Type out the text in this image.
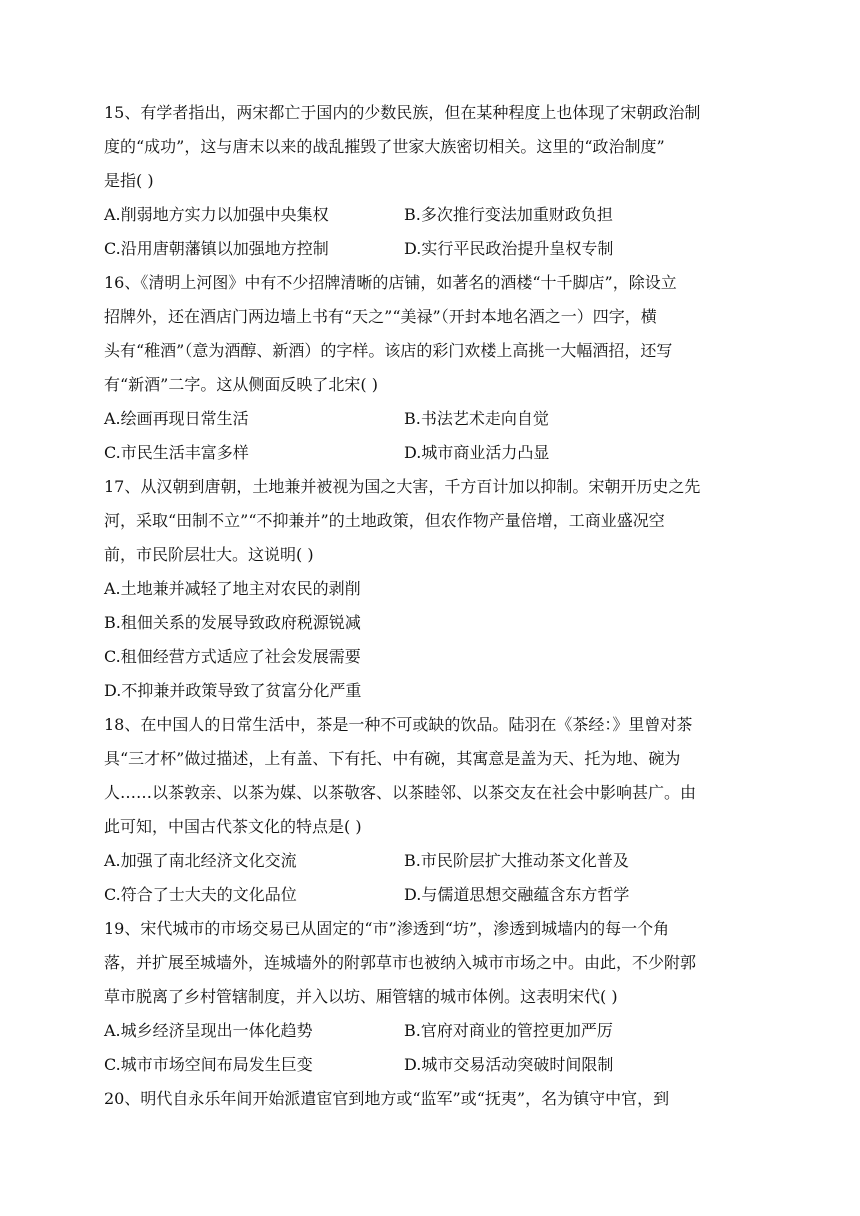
15、有学者指出，两宋都亡于国内的少数民族，但在某种程度上也体现了宋朝政治制
度的“成功”，这与唐末以来的战乱摧毁了世家大族密切相关。这里的“政治制度”
是指( )
A.削弱地方实力以加强中央集权	B.多次推行变法加重财政负担
C.沿用唐朝藩镇以加强地方控制	D.实行平民政治提升皇权专制
16、《清明上河图》中有不少招牌清晰的店铺，如著名的酒楼“十千脚店”，除设立
招牌外，还在酒店门两边墙上书有“天之”“美禄”（开封本地名酒之一）四字，横
头有“稚酒”（意为酒醇、新酒）的字样。该店的彩门欢楼上高挑一大幅酒招，还写
有“新酒”二字。这从侧面反映了北宋( )
A.绘画再现日常生活	B.书法艺术走向自觉
C.市民生活丰富多样	D.城市商业活力凸显
17、从汉朝到唐朝，土地兼并被视为国之大害，千方百计加以抑制。宋朝开历史之先
河，采取“田制不立”“不抑兼并”的土地政策，但农作物产量倍增，工商业盛况空
前，市民阶层壮大。这说明( )
A.土地兼并减轻了地主对农民的剥削
B.租佃关系的发展导致政府税源锐减
C.租佃经营方式适应了社会发展需要
D.不抑兼并政策导致了贫富分化严重
18、在中国人的日常生活中，茶是一种不可或缺的饮品。陆羽在《茶经：》里曾对茶
具“三才杯”做过描述，上有盖、下有托、中有碗，其寓意是盖为天、托为地、碗为
人……以茶敦亲、以茶为媒、以茶敬客、以茶睦邻、以茶交友在社会中影响甚广。由
此可知，中国古代茶文化的特点是( )
A.加强了南北经济文化交流	B.市民阶层扩大推动茶文化普及
C.符合了士大夫的文化品位	D.与儒道思想交融蕴含东方哲学
19、宋代城市的市场交易已从固定的“市”渗透到“坊”，渗透到城墙内的每一个角
落，并扩展至城墙外，连城墙外的附郭草市也被纳入城市市场之中。由此，不少附郭
草市脱离了乡村管辖制度，并入以坊、厢管辖的城市体例。这表明宋代( )
A.城乡经济呈现出一体化趋势	B.官府对商业的管控更加严厉
C.城市市场空间布局发生巨变	D.城市交易活动突破时间限制
20、明代自永乐年间开始派遣宦官到地方或“监军”或“抚夷”，名为镇守中官，到
